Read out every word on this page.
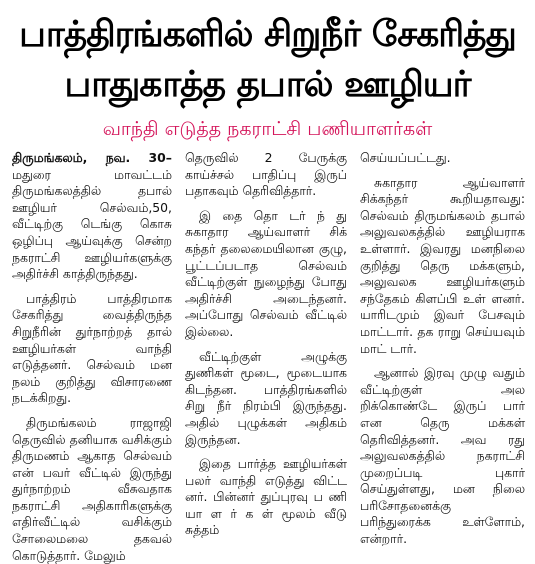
பாத்திரங்களில் சிறுநீர் சேகரித்து
பாதுகாத்த தபால் ஊழியர்
வாந்தி எடுத்த நகராட்சி பணியாளர்கள்

திருமங்கலம், நவ. 30– மதுரை மாவட்டம் திருமங்கலத்தில் தபால் ஊழியர் செல்வம்,50, வீட்டிற்கு டெங்கு கொசு ஒழிப்பு ஆய்வுக்கு சென்ற நகராட்சி ஊழியர்களுக்கு அதிர்ச்சி காத்திருந்தது.

பாத்திரம் பாத்திரமாக சேகரித்து வைத்திருந்த சிறுநீரின் துர்நாற்றத் தால் ஊழியர்கள் வாந்தி எடுத்தனர். செல்வம் மன நலம் குறித்து விசாரணை நடக்கிறது.

திருமங்கலம் ராஜாஜி தெருவில் தனியாக வசிக்கும் திருமணம் ஆகாத செல்வம் என் பவர் வீட்டில் இருந்து துர்நாற்றம் வீசுவதாக நகராட்சி அதிகாரிகளுக்கு எதிர்வீட்டில் வசிக்கும் சோலைமலை தகவல் கொடுத்தார். மேலும்

தெருவில் 2 பேருக்கு காய்ச்சல் பாதிப்பு இருப் பதாகவும் தெரிவித்தார்.

இ தை தொ டர் ந் து சுகாதார ஆய்வாளர் சிக் கந்தர் தலைமையிலான குழு, பூட்டப்படாத செல்வம் வீட்டிற்குள் நுழைந்து போது அதிர்ச்சி அடைந்தனர். அப்போது செல்வம் வீட்டில் இல்லை.

வீட்டிற்குள் அழுக்கு துணிகள் மூடை, மூடையாக கிடந்தன. பாத்திரங்களில் சிறு நீர் நிரம்பி இருந்தது. அதில் புழுக்கள் அதிகம் இருந்தன.

இதை பார்த்த ஊழியர்கள் பலர் வாந்தி எடுத்து விட்ட னர். பின்னர் துப்புரவு ப ணி யா ள ர் க ள் மூலம் வீடு சுத்தம்

செய்யப்பட்டது.

சுகாதார ஆய்வாளர் சிக்கந்தர் கூறியதாவது: செல்வம் திருமங்கலம் தபால் அலுவலகத்தில் ஊழியராக உள்ளார். இவரது மனநிலை குறித்து தெரு மக்களும், அலுவலக ஊழியர்களும் சந்தேகம் கிளப்பி உள் ளனர். யாரிடமும் இவர் பேசவும் மாட்டார். தக ராறு செய்யவும் மாட் டார்.

ஆனால் இரவு முழு வதும் வீட்டிற்குள் அல றிக்கொண்டே இருப் பார் என தெரு மக்கள் தெரிவித்தனர். அவ ரது அலுவலகத்தில் நகராட்சி முறைப்படி புகார் செய்துள்ளது, மன நிலை பரிசோதனைக்கு பரிந்துரைக்க உள்ளோம், என்றார்.
